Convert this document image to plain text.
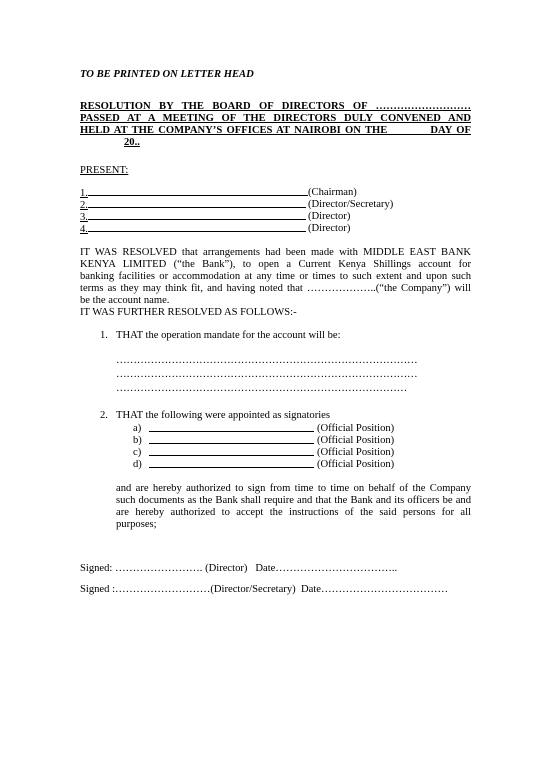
TO BE PRINTED ON LETTER HEAD
RESOLUTION BY THE BOARD OF DIRECTORS OF ………………………
PASSED AT A MEETING OF THE DIRECTORS DULY CONVENED AND
HELD AT THE COMPANY’S OFFICES AT NAIROBI ON THE          DAY OF
20..
PRESENT:
1.	(Chairman)
2.	(Director/Secretary)
3.	(Director)
4.	(Director)
IT WAS RESOLVED that arrangements had been made with MIDDLE EAST BANK
KENYA LIMITED (“the Bank”), to open a Current Kenya Shillings account for
banking facilities or accommodation at any time or times to such extent and upon such
terms as they may think fit, and having noted that ………………..(“the Company”) will
be the account name.
IT WAS FURTHER RESOLVED AS FOLLOWS:-
1. THAT the operation mandate for the account will be:
……………………………………………………………………………
……………………………………………………………………………
…………………………………………………………………………
2. THAT the following were appointed as signatories
a)	(Official Position)
b)	(Official Position)
c)	(Official Position)
d)	(Official Position)
and are hereby authorized to sign from time to time on behalf of the Company
such documents as the Bank shall require and that the Bank and its officers be and
are hereby authorized to accept the instructions of the said persons for all
purposes;
Signed: ……………………. (Director)   Date……………………………..
Signed :………………………(Director/Secretary)  Date………………………………
